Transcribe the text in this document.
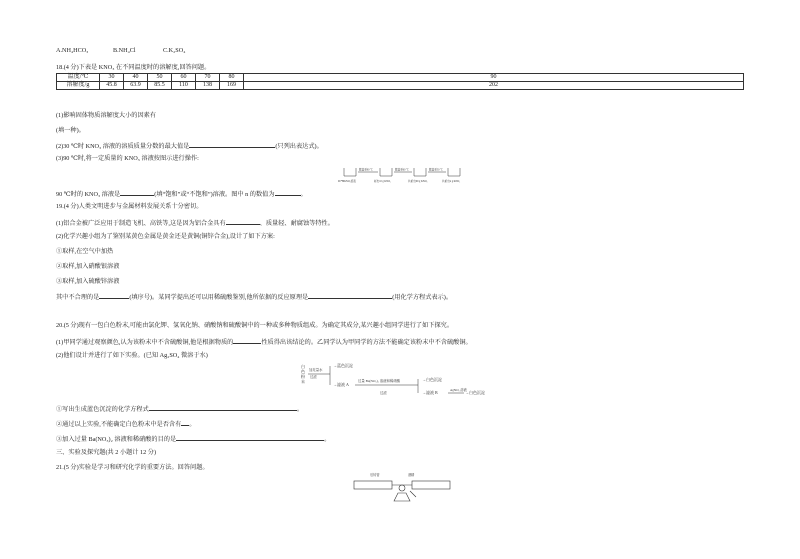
A.NH₄HCO₃	B.NH₄Cl	C.K₂SO₄
18.(4 分)下表是 KNO₃ 在不同温度时的溶解度,回答问题。
温度/℃	30	40	50	60	70	80	90
溶解度/g	45.8	63.9	85.5	110	138	169	202
(1)影响固体物质溶解度大小的因素有
(填一种)。
(2)30 ℃时 KNO₃ 溶液的溶质质量分数的最大值是	(只列出表达式)。
(3)90 ℃时,将一定质量的 KNO₃ 溶液按图示进行操作:
降温至80 ℃	降温至60 ℃	降温至50 ℃
90 ℃KNO₃溶液	析出10 g KNO₃	共析出69 g KNO₃	共析出n g KNO₃
90 ℃时的 KNO₃ 溶液是	(填“饱和”或“不饱和”)溶液。图中 n 的数值为	。
19.(4 分)人类文明进步与金属材料发展关系十分密切。
(1)铝合金被广泛应用于制造飞机、高铁等,这是因为铝合金具有	、质量轻、耐腐蚀等特性。
(2)化学兴趣小组为了鉴别某黄色金属是黄金还是黄铜(铜锌合金),设计了如下方案:
①取样,在空气中加热
②取样,加入硝酸银溶液
③取样,加入硫酸锌溶液
其中不合理的是	(填序号)。某同学提出还可以用稀硫酸鉴别,他所依据的反应原理是	(用化学方程式表示)。
20.(5 分)现有一包白色粉末,可能由氯化钾、氢氧化钠、硝酸钠和硫酸铜中的一种或多种物质组成。为确定其成分,某兴趣小组同学进行了如下探究。
(1)甲同学通过观察颜色,认为该粉末中不含硫酸铜,他是根据物质的	性质得出该结论的。乙同学认为甲同学的方法不能确定该粉末中不含硫酸铜。
(2)他们设计并进行了如下实验。(已知 Ag₂SO₄ 微溶于水)
白
色
粉
末
加足量水
过滤
→蓝色沉淀
→滤液 A
过量 Ba(NO₃)₂ 溶液和稀硝酸
过滤
→白色沉淀
→滤液 B	AgNO₃ 溶液
→白色沉淀
①写出生成蓝色沉淀的化学方程式	。
②通过以上实验,不能确定白色粉末中是否含有 。
③加入过量 Ba(NO₃)₂ 溶液和稀硝酸的目的是	。
三、实验及探究题(共 2 小题计 12 分)
21.(5 分)实验是学习和研究化学的重要方法。回答问题。
后转管	酒精
